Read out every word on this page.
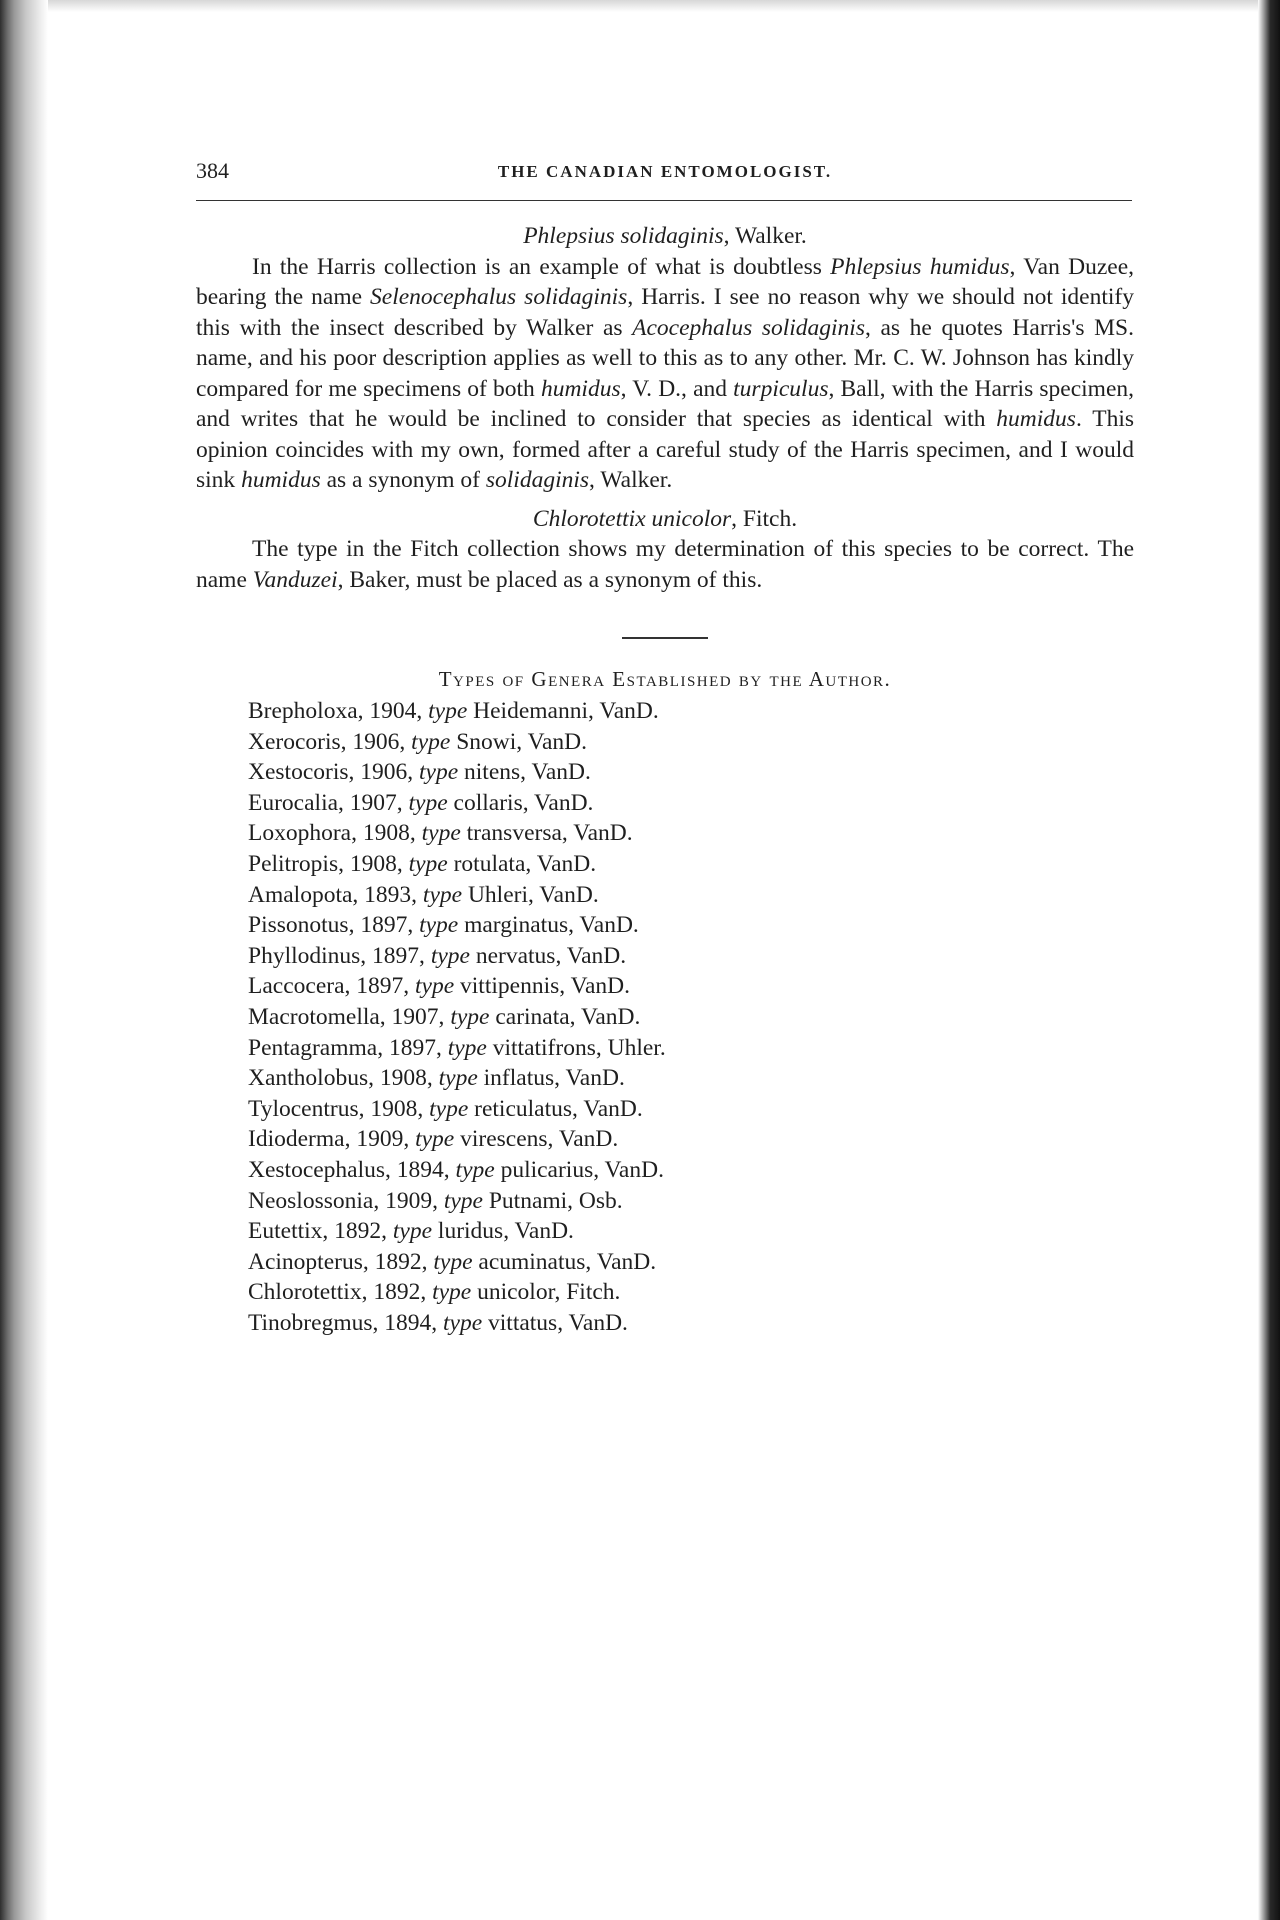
384	THE CANADIAN ENTOMOLOGIST.

Phlepsius solidaginis, Walker.

In the Harris collection is an example of what is doubtless Phlepsius humidus, Van Duzee, bearing the name Selenocephalus solidaginis, Harris. I see no reason why we should not identify this with the insect described by Walker as Acocephalus solidaginis, as he quotes Harris's MS. name, and his poor description applies as well to this as to any other. Mr. C. W. Johnson has kindly compared for me specimens of both humidus, V. D., and turpiculus, Ball, with the Harris specimen, and writes that he would be inclined to consider that species as identical with humidus. This opinion coincides with my own, formed after a careful study of the Harris specimen, and I would sink humidus as a synonym of solidaginis, Walker.

Chlorotettix unicolor, Fitch.

The type in the Fitch collection shows my determination of this species to be correct. The name Vanduzei, Baker, must be placed as a synonym of this.

Types of Genera Established by the Author.
Brepholoxa, 1904, type Heidemanni, VanD.
Xerocoris, 1906, type Snowi, VanD.
Xestocoris, 1906, type nitens, VanD.
Eurocalia, 1907, type collaris, VanD.
Loxophora, 1908, type transversa, VanD.
Pelitropis, 1908, type rotulata, VanD.
Amalopota, 1893, type Uhleri, VanD.
Pissonotus, 1897, type marginatus, VanD.
Phyllodinus, 1897, type nervatus, VanD.
Laccocera, 1897, type vittipennis, VanD.
Macrotomella, 1907, type carinata, VanD.
Pentagramma, 1897, type vittatifrons, Uhler.
Xantholobus, 1908, type inflatus, VanD.
Tylocentrus, 1908, type reticulatus, VanD.
Idioderma, 1909, type virescens, VanD.
Xestocephalus, 1894, type pulicarius, VanD.
Neoslossonia, 1909, type Putnami, Osb.
Eutettix, 1892, type luridus, VanD.
Acinopterus, 1892, type acuminatus, VanD.
Chlorotettix, 1892, type unicolor, Fitch.
Tinobregmus, 1894, type vittatus, VanD.
